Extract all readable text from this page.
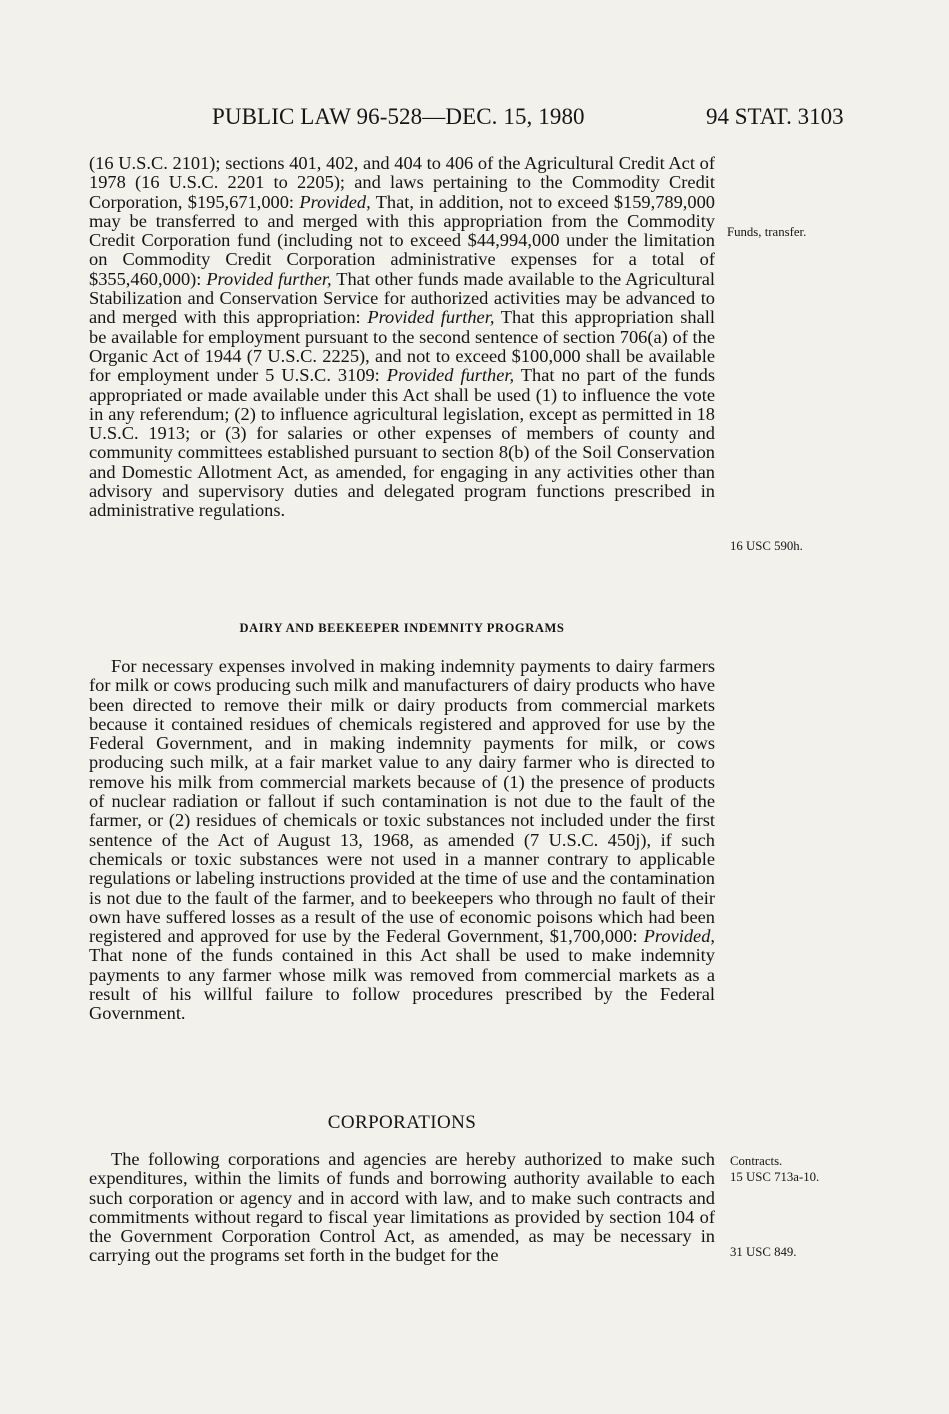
PUBLIC LAW 96-528—DEC. 15, 1980	94 STAT. 3103

(16 U.S.C. 2101); sections 401, 402, and 404 to 406 of the Agricultural Credit Act of 1978 (16 U.S.C. 2201 to 2205); and laws pertaining to the Commodity Credit Corporation, $195,671,000: Provided, That, in addition, not to exceed $159,789,000 may be transferred to and merged with this appropriation from the Commodity Credit Corporation fund (including not to exceed $44,994,000 under the limitation on Commodity Credit Corporation administrative expenses for a total of $355,460,000): Provided further, That other funds made available to the Agricultural Stabilization and Conservation Service for authorized activities may be advanced to and merged with this appropriation: Provided further, That this appropriation shall be available for employment pursuant to the second sentence of section 706(a) of the Organic Act of 1944 (7 U.S.C. 2225), and not to exceed $100,000 shall be available for employment under 5 U.S.C. 3109: Provided further, That no part of the funds appropriated or made available under this Act shall be used (1) to influence the vote in any referendum; (2) to influence agricultural legislation, except as permitted in 18 U.S.C. 1913; or (3) for salaries or other expenses of members of county and community committees established pursuant to section 8(b) of the Soil Conservation and Domestic Allotment Act, as amended, for engaging in any activities other than advisory and supervisory duties and delegated program functions prescribed in administrative regulations.

DAIRY AND BEEKEEPER INDEMNITY PROGRAMS

For necessary expenses involved in making indemnity payments to dairy farmers for milk or cows producing such milk and manufacturers of dairy products who have been directed to remove their milk or dairy products from commercial markets because it contained residues of chemicals registered and approved for use by the Federal Government, and in making indemnity payments for milk, or cows producing such milk, at a fair market value to any dairy farmer who is directed to remove his milk from commercial markets because of (1) the presence of products of nuclear radiation or fallout if such contamination is not due to the fault of the farmer, or (2) residues of chemicals or toxic substances not included under the first sentence of the Act of August 13, 1968, as amended (7 U.S.C. 450j), if such chemicals or toxic substances were not used in a manner contrary to applicable regulations or labeling instructions provided at the time of use and the contamination is not due to the fault of the farmer, and to beekeepers who through no fault of their own have suffered losses as a result of the use of economic poisons which had been registered and approved for use by the Federal Government, $1,700,000: Provided, That none of the funds contained in this Act shall be used to make indemnity payments to any farmer whose milk was removed from commercial markets as a result of his willful failure to follow procedures prescribed by the Federal Government.

CORPORATIONS

The following corporations and agencies are hereby authorized to make such expenditures, within the limits of funds and borrowing authority available to each such corporation or agency and in accord with law, and to make such contracts and commitments without regard to fiscal year limitations as provided by section 104 of the Government Corporation Control Act, as amended, as may be necessary in carrying out the programs set forth in the budget for the

Funds, transfer.
16 USC 590h.
Contracts.
15 USC 713a-10.
31 USC 849.
